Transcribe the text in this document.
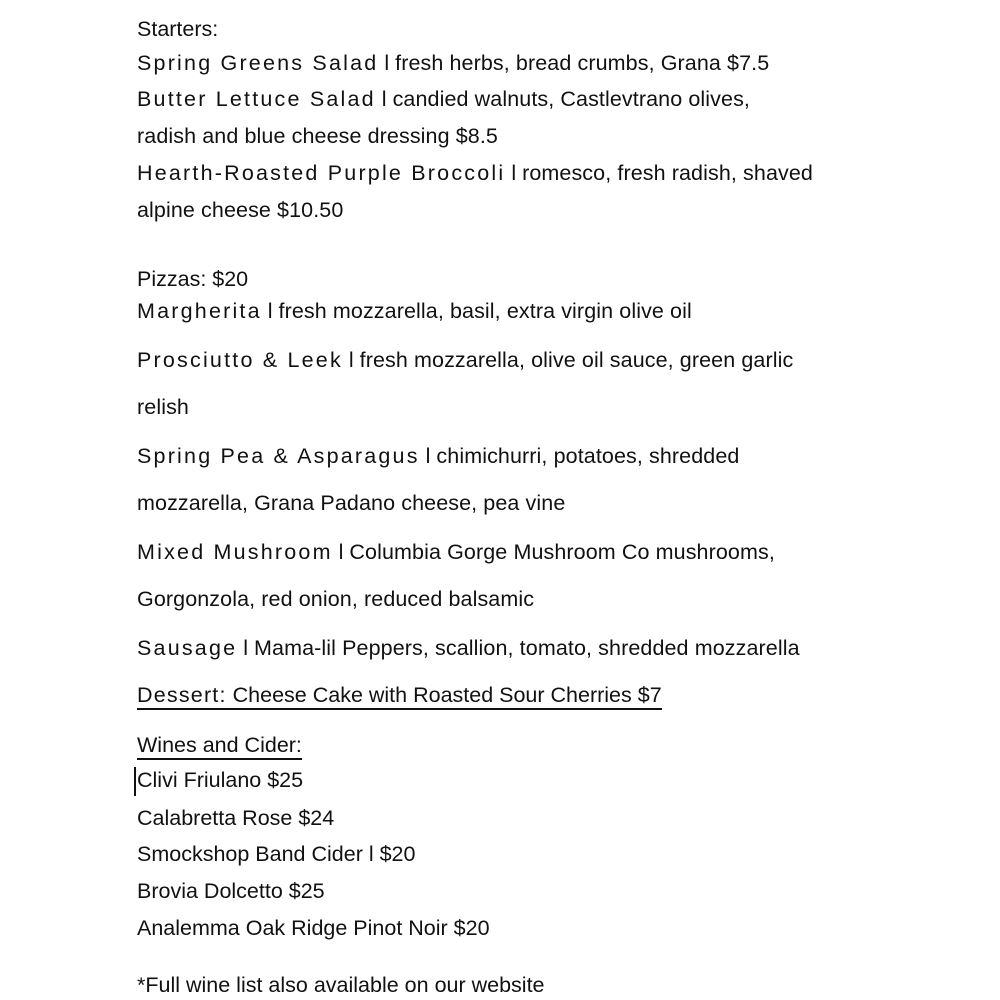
Starters:
Spring Greens Salad l fresh herbs, bread crumbs, Grana $7.5
Butter Lettuce Salad l candied walnuts, Castlevtrano olives,
radish and blue cheese dressing $8.5
Hearth-Roasted Purple Broccoli l romesco, fresh radish, shaved
alpine cheese $10.50
Pizzas: $20
Margherita l fresh mozzarella, basil, extra virgin olive oil
Prosciutto & Leek l fresh mozzarella, olive oil sauce, green garlic
relish
Spring Pea & Asparagus l chimichurri, potatoes, shredded
mozzarella, Grana Padano cheese, pea vine
Mixed Mushroom l Columbia Gorge Mushroom Co mushrooms,
Gorgonzola, red onion, reduced balsamic
Sausage l Mama-lil Peppers, scallion, tomato, shredded mozzarella
Dessert: Cheese Cake with Roasted Sour Cherries $7
Wines and Cider:
Clivi Friulano $25
Calabretta Rose $24
Smockshop Band Cider l $20
Brovia Dolcetto $25
Analemma Oak Ridge Pinot Noir $20
*Full wine list also available on our website
